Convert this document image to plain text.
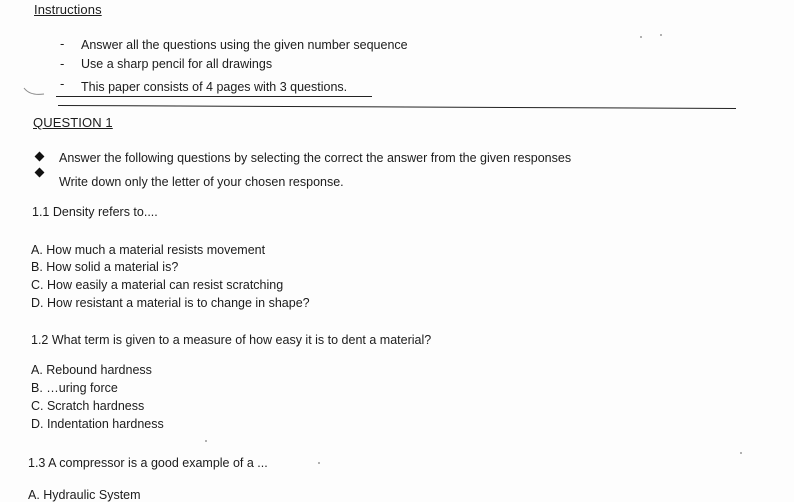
Instructions
- Answer all the questions using the given number sequence
- Use a sharp pencil for all drawings
- This paper consists of 4 pages with 3 questions.
QUESTION 1
Answer the following questions by selecting the correct the answer from the given responses
Write down only the letter of your chosen response.
1.1 Density refers to....
A. How much a material resists movement
B. How solid a material is?
C. How easily a material can resist scratching
D. How resistant a material is to change in shape?
1.2 What term is given to a measure of how easy it is to dent a material?
A. Rebound hardness
B. …uring force
C. Scratch hardness
D. Indentation hardness
1.3 A compressor is a good example of a ...
A. Hydraulic System
